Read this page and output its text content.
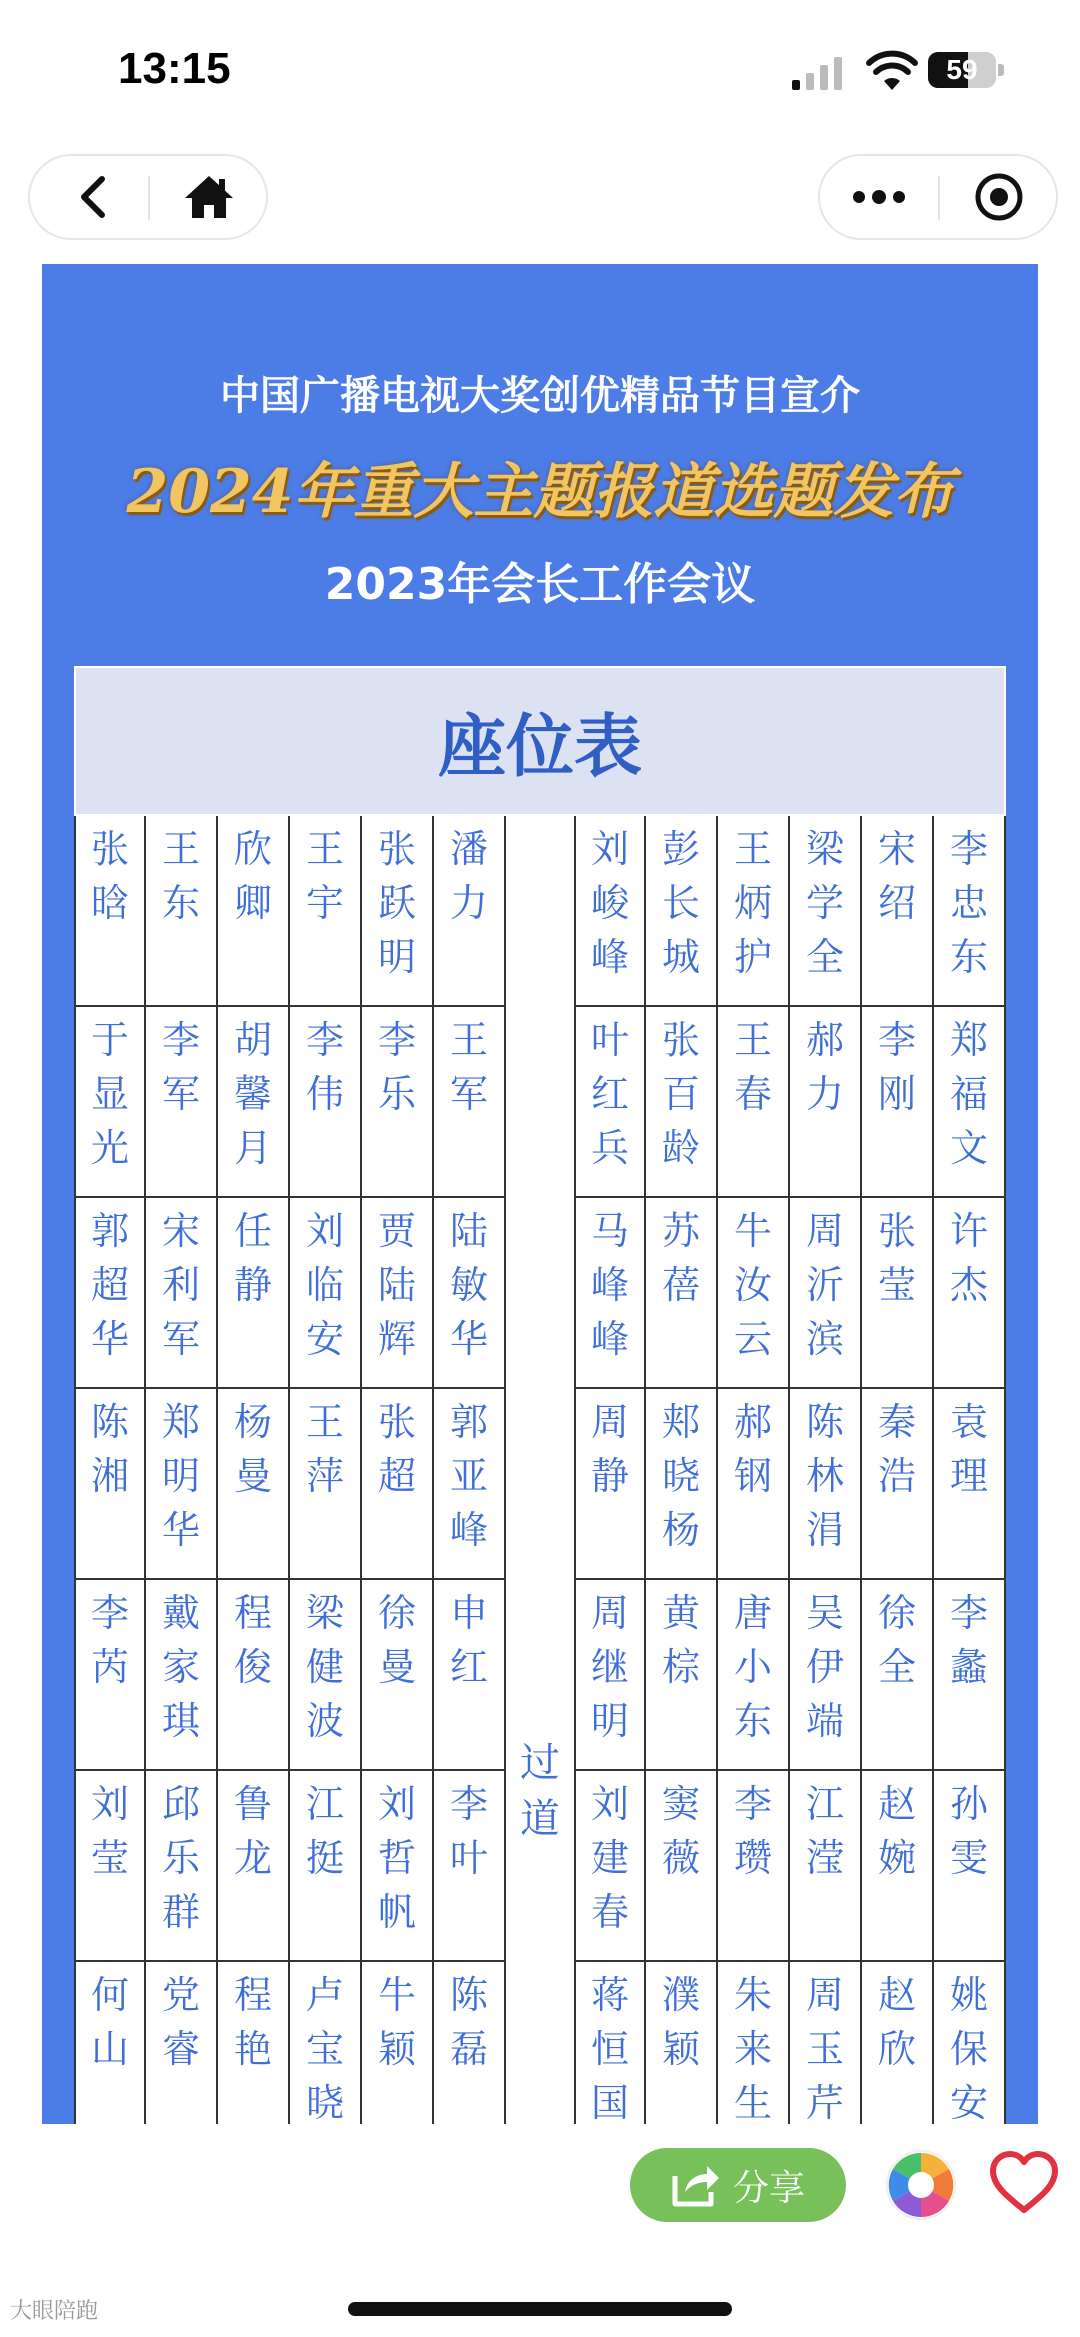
13:15	59
中国广播电视大奖创优精品节目宣介
2024年重大主题报道选题发布
2023年会长工作会议
座位表
过
道
张
晗
王
东
欣
卿
王
宇
张
跃
明
潘
力
刘
峻
峰
彭
长
城
王
炳
护
梁
学
全
宋
绍
李
忠
东
于
显
光
李
军
胡
馨
月
李
伟
李
乐
王
军
叶
红
兵
张
百
龄
王
春
郝
力
李
刚
郑
福
文
郭
超
华
宋
利
军
任
静
刘
临
安
贾
陆
辉
陆
敏
华
马
峰
峰
苏
蓓
牛
汝
云
周
沂
滨
张
莹
许
杰
陈
湘
郑
明
华
杨
曼
王
萍
张
超
郭
亚
峰
周
静
郏
晓
杨
郝
钢
陈
林
涓
秦
浩
袁
理
李
芮
戴
家
琪
程
俊
梁
健
波
徐
曼
申
红
周
继
明
黄
棕
唐
小
东
吴
伊
端
徐
全
李
蠡
刘
莹
邱
乐
群
鲁
龙
江
挺
刘
哲
帆
李
叶
刘
建
春
窦
薇
李
瓒
江
滢
赵
婉
孙
雯
何
山
党
睿
程
艳
卢
宝
晓
牛
颖
陈
磊
蒋
恒
国
濮
颖
朱
来
生
周
玉
芹
赵
欣
姚
保
安
分享
大眼陪跑
